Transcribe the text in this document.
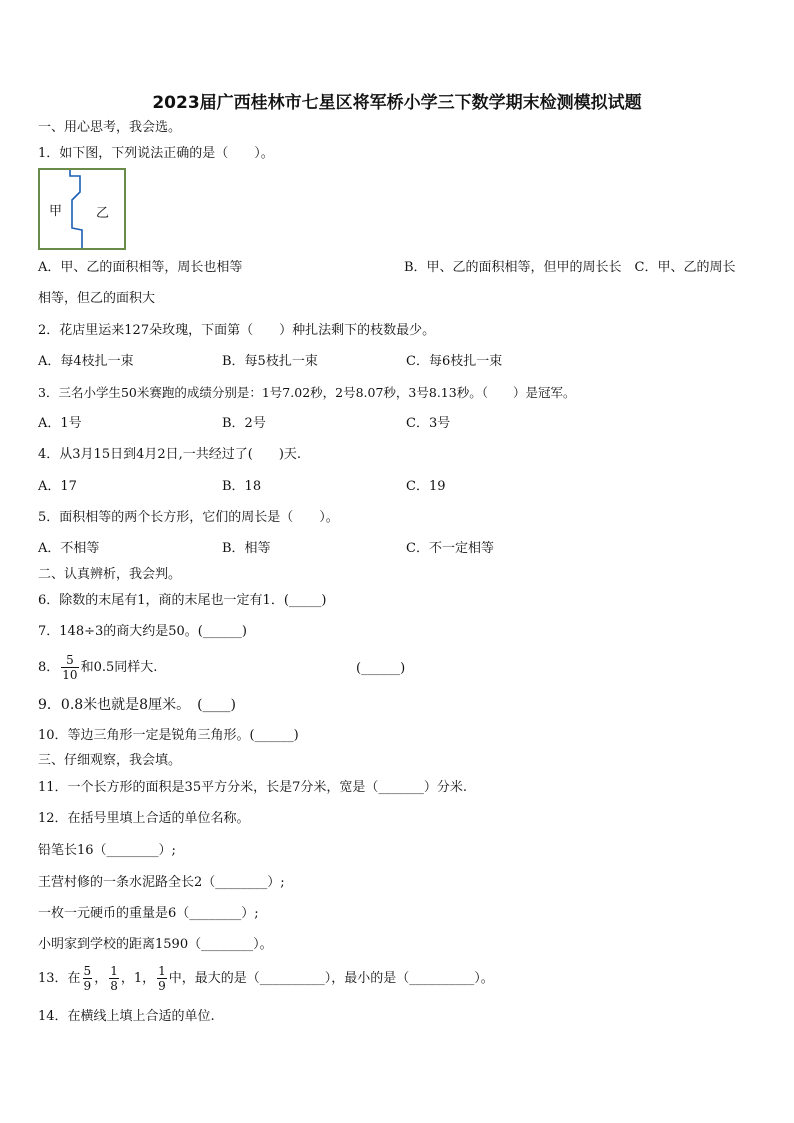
2023届广西桂林市七星区将军桥小学三下数学期末检测模拟试题
一、用心思考，我会选。
1．如下图，下列说法正确的是（　　）。
甲	乙
A．甲、乙的面积相等，周长也相等	B．甲、乙的面积相等，但甲的周长长　C．甲、乙的周长
相等，但乙的面积大
2．花店里运来127朵玫瑰，下面第（　　）种扎法剩下的枝数最少。
A．每4枝扎一束	B．每5枝扎一束	C．每6枝扎一束
3．三名小学生50米赛跑的成绩分别是：1号7.02秒，2号8.07秒，3号8.13秒。（　　）是冠军。
A．1号	B．2号	C．3号
4．从3月15日到4月2日,一共经过了(　　)天.
A．17	B．18	C．19
5．面积相等的两个长方形，它们的周长是（　　）。
A．不相等	B．相等	C．不一定相等
二、认真辨析，我会判。
6．除数的末尾有1，商的末尾也一定有1．(_____)
7．148÷3的商大约是50。(______)
8． $\frac{5}{10}$ 和0.5同样大.	(______)
9．0.8米也就是8厘米。　(____)
10．等边三角形一定是锐角三角形。(______)
三、仔细观察，我会填。
11．一个长方形的面积是35平方分米，长是7分米，宽是（_______）分米.
12．在括号里填上合适的单位名称。
铅笔长16（________）;
王营村修的一条水泥路全长2（________）;
一枚一元硬币的重量是6（________）;
小明家到学校的距离1590（________）。
13．在 $\frac{5}{9}$ ， $\frac{1}{8}$ ，1， $\frac{1}{9}$ 中，最大的是（__________），最小的是（__________）。
14．在横线上填上合适的单位.
